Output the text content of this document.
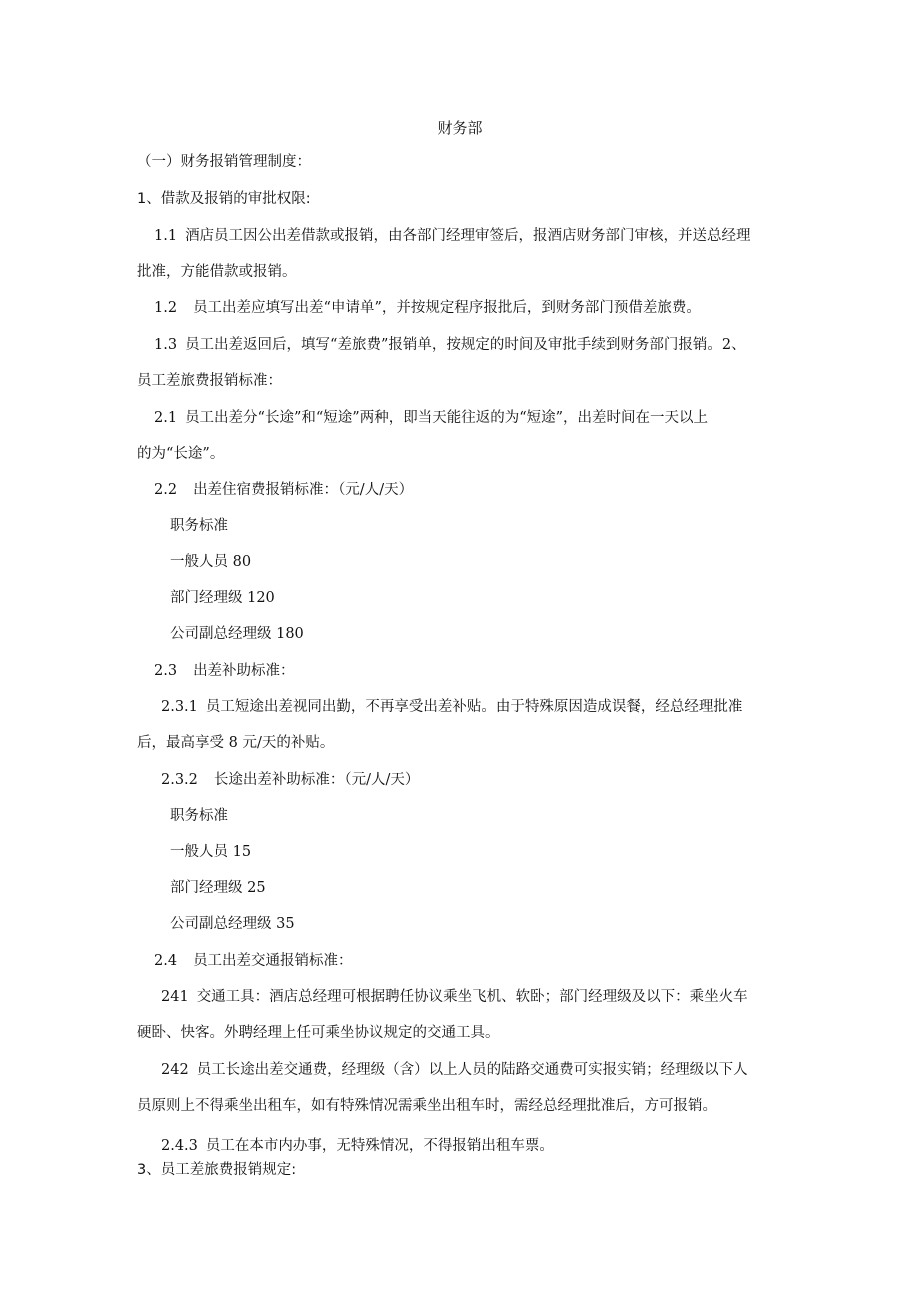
财务部
（一）财务报销管理制度：
1、借款及报销的审批权限:
1.1 酒店员工因公出差借款或报销，由各部门经理审签后，报酒店财务部门审核，并送总经理
批准，方能借款或报销。
1.2 员工出差应填写出差“申请单”，并按规定程序报批后，到财务部门预借差旅费。
1.3 员工出差返回后，填写“差旅费”报销单，按规定的时间及审批手续到财务部门报销。2、
员工差旅费报销标准：
2.1 员工出差分“长途”和“短途”两种，即当天能往返的为“短途”，出差时间在一天以上
的为“长途”。
2.2 出差住宿费报销标准：（元/人/天）
职务标准
一般人员 80
部门经理级 120
公司副总经理级 180
2.3 出差补助标准：
2.3.1 员工短途出差视同出勤，不再享受出差补贴。由于特殊原因造成误餐，经总经理批准
后，最高享受 8 元/天的补贴。
2.3.2 长途出差补助标准：（元/人/天）
职务标准
一般人员 15
部门经理级 25
公司副总经理级 35
2.4 员工出差交通报销标准：
241 交通工具：酒店总经理可根据聘任协议乘坐飞机、软卧；部门经理级及以下：乘坐火车
硬卧、快客。外聘经理上任可乘坐协议规定的交通工具。
242 员工长途出差交通费，经理级（含）以上人员的陆路交通费可实报实销；经理级以下人
员原则上不得乘坐出租车，如有特殊情况需乘坐出租车时，需经总经理批准后，方可报销。
2.4.3 员工在本市内办事，无特殊情况，不得报销出租车票。
3、员工差旅费报销规定:
